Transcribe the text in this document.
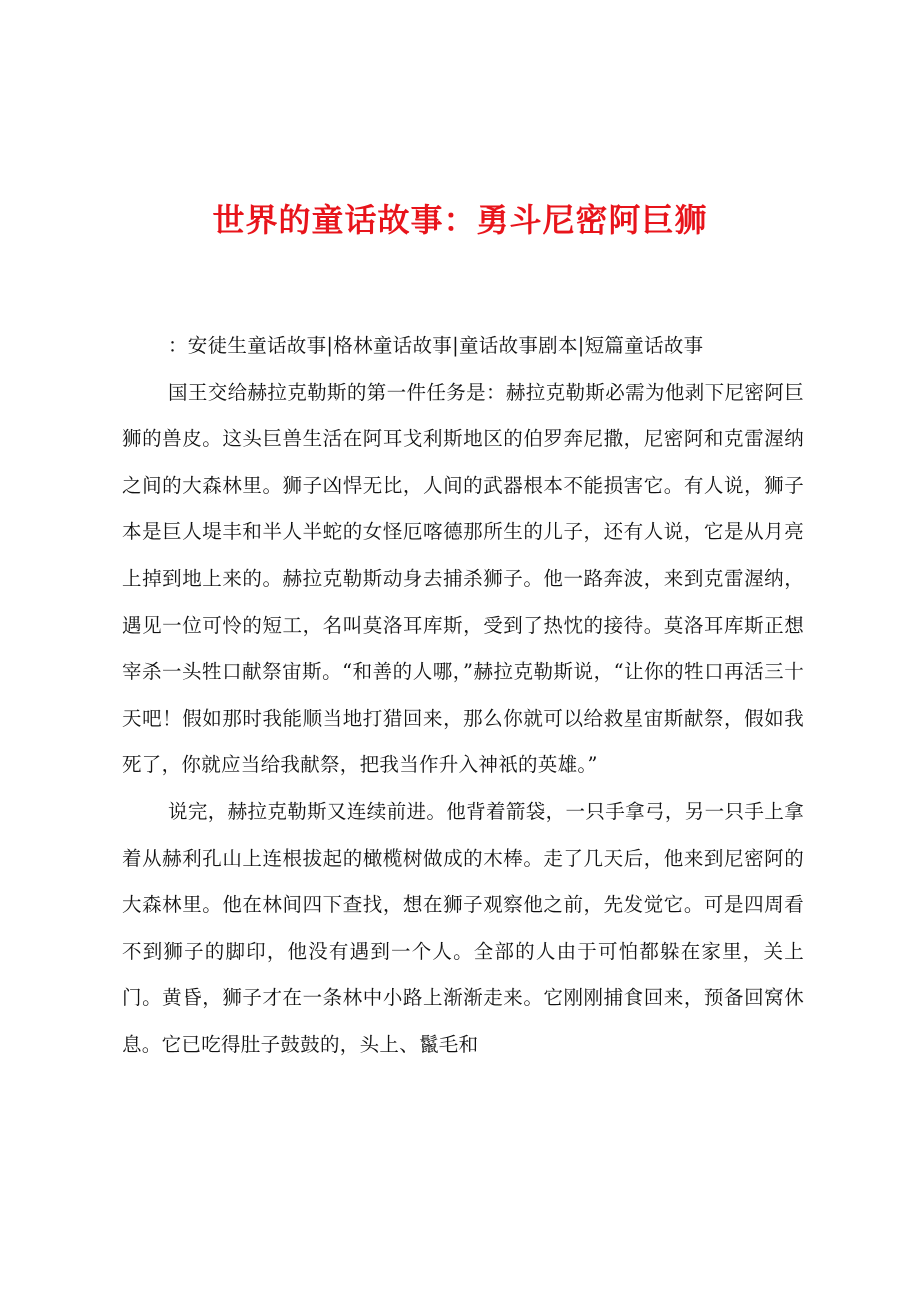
世界的童话故事：勇斗尼密阿巨狮

：安徒生童话故事|格林童话故事|童话故事剧本|短篇童话故事

国王交给赫拉克勒斯的第一件任务是：赫拉克勒斯必需为他剥下尼密阿巨狮的兽皮。这头巨兽生活在阿耳戈利斯地区的伯罗奔尼撒，尼密阿和克雷渥纳之间的大森林里。狮子凶悍无比，人间的武器根本不能损害它。有人说，狮子本是巨人堤丰和半人半蛇的女怪厄喀德那所生的儿子，还有人说，它是从月亮上掉到地上来的。赫拉克勒斯动身去捕杀狮子。他一路奔波，来到克雷渥纳，遇见一位可怜的短工，名叫莫洛耳库斯，受到了热忱的接待。莫洛耳库斯正想宰杀一头牲口献祭宙斯。“和善的人哪，”赫拉克勒斯说，“让你的牲口再活三十天吧！假如那时我能顺当地打猎回来，那么你就可以给救星宙斯献祭，假如我死了，你就应当给我献祭，把我当作升入神祇的英雄。”

说完，赫拉克勒斯又连续前进。他背着箭袋，一只手拿弓，另一只手上拿着从赫利孔山上连根拔起的橄榄树做成的木棒。走了几天后，他来到尼密阿的大森林里。他在林间四下查找，想在狮子观察他之前，先发觉它。可是四周看不到狮子的脚印，他没有遇到一个人。全部的人由于可怕都躲在家里，关上门。黄昏，狮子才在一条林中小路上渐渐走来。它刚刚捕食回来，预备回窝休息。它已吃得肚子鼓鼓的，头上、鬣毛和
